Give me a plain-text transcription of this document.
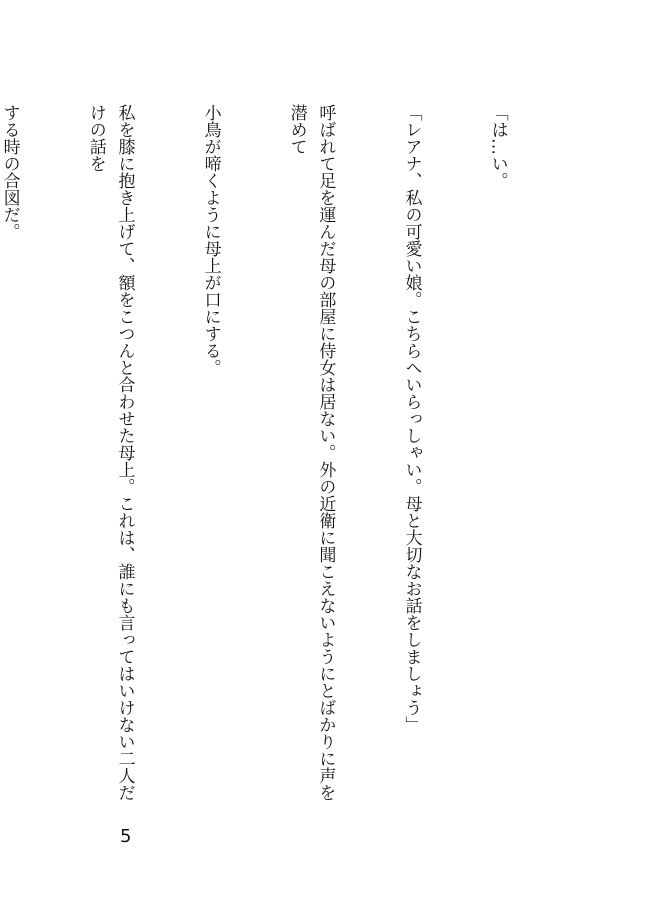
「は…い。

「レアナ、私の可愛い娘。こちらへいらっしゃい。母と大切なお話をしましょう」

呼ばれて足を運んだ母の部屋に侍女は居ない。外の近衛に聞こえないようにとばかりに声を潜めて

小鳥が啼くように母上が口にする。

私を膝に抱き上げて、額をこつんと合わせた母上。これは、誰にも言ってはいけない二人だけの話を

する時の合図だ。

5
